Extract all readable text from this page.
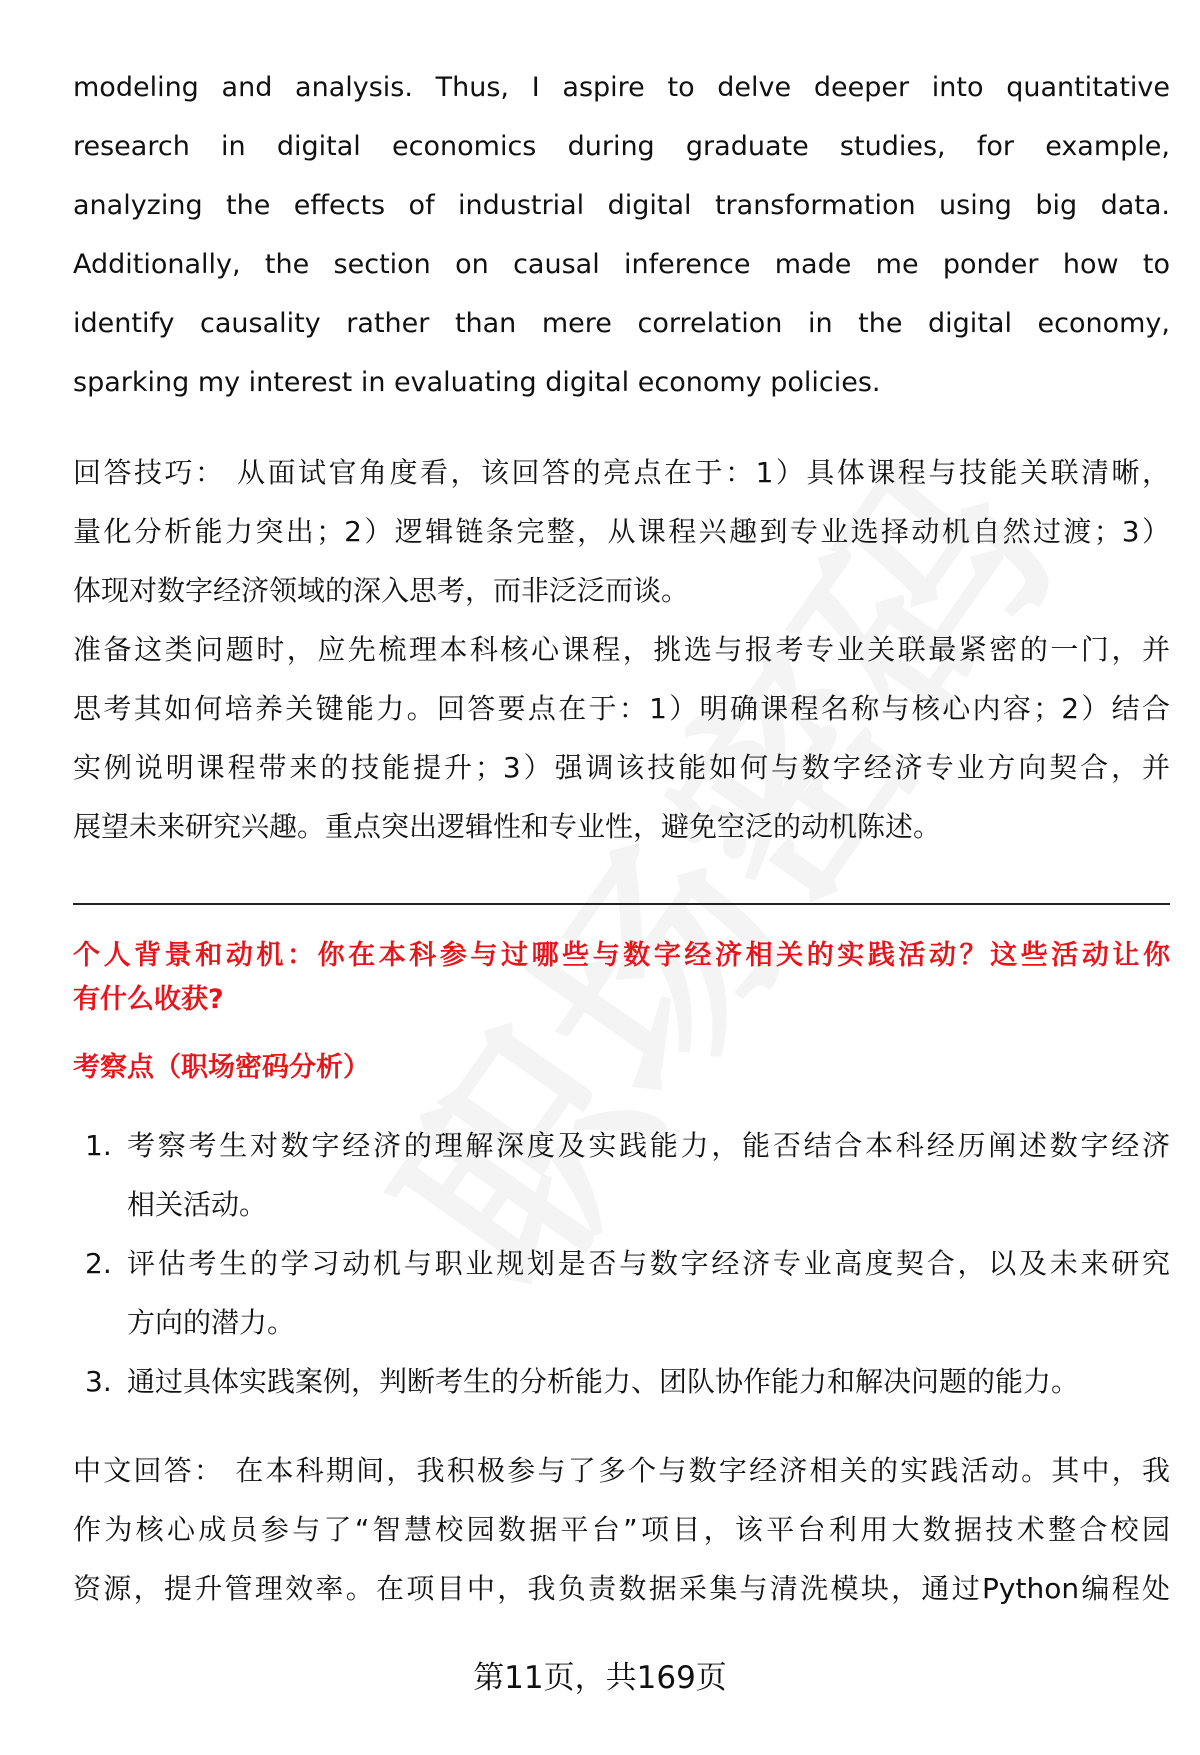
modeling and analysis. Thus, I aspire to delve deeper into quantitative
research in digital economics during graduate studies, for example,
analyzing the effects of industrial digital transformation using big data.
Additionally, the section on causal inference made me ponder how to
identify causality rather than mere correlation in the digital economy,
sparking my interest in evaluating digital economy policies.
回答技巧： 从面试官角度看，该回答的亮点在于：1）具体课程与技能关联清晰，
量化分析能力突出；2）逻辑链条完整，从课程兴趣到专业选择动机自然过渡；3）
体现对数字经济领域的深入思考，而非泛泛而谈。
准备这类问题时，应先梳理本科核心课程，挑选与报考专业关联最紧密的一门，并
思考其如何培养关键能力。回答要点在于：1）明确课程名称与核心内容；2）结合
实例说明课程带来的技能提升；3）强调该技能如何与数字经济专业方向契合，并
展望未来研究兴趣。重点突出逻辑性和专业性，避免空泛的动机陈述。
个人背景和动机：你在本科参与过哪些与数字经济相关的实践活动？这些活动让你
有什么收获?
考察点（职场密码分析）
1. 考察考生对数字经济的理解深度及实践能力，能否结合本科经历阐述数字经济
相关活动。
2. 评估考生的学习动机与职业规划是否与数字经济专业高度契合，以及未来研究
方向的潜力。
3. 通过具体实践案例，判断考生的分析能力、团队协作能力和解决问题的能力。
中文回答： 在本科期间，我积极参与了多个与数字经济相关的实践活动。其中，我
作为核心成员参与了“智慧校园数据平台”项目，该平台利用大数据技术整合校园
资源，提升管理效率。在项目中，我负责数据采集与清洗模块，通过Python编程处
第11页，共169页
